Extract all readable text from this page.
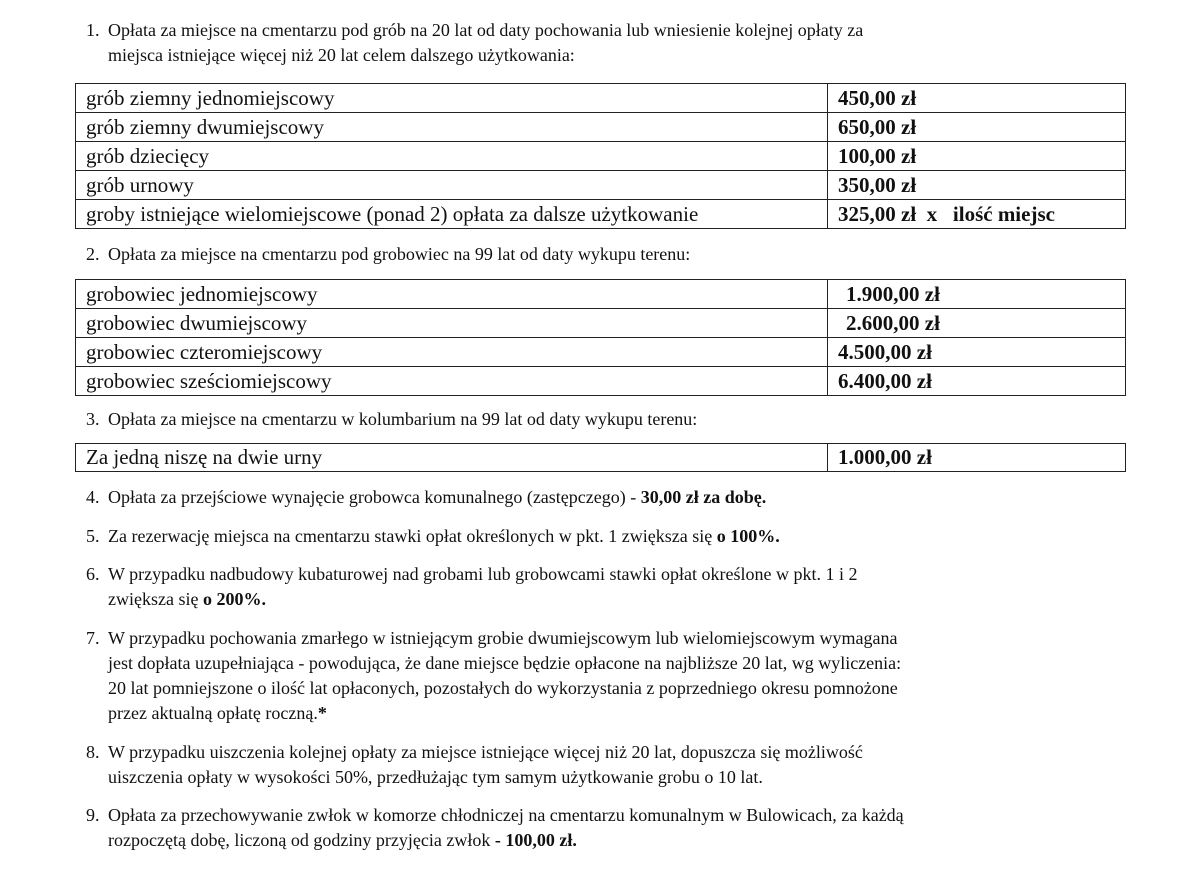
1. Opłata za miejsce na cmentarzu pod grób na 20 lat od daty pochowania lub wniesienie kolejnej opłaty za
miejsca istniejące więcej niż 20 lat celem dalszego użytkowania:
grób ziemny jednomiejscowy	450,00 zł
grób ziemny dwumiejscowy	650,00 zł
grób dziecięcy	100,00 zł
grób urnowy	350,00 zł
groby istniejące wielomiejscowe (ponad 2) opłata za dalsze użytkowanie	325,00 zł  x   ilość miejsc
2. Opłata za miejsce na cmentarzu pod grobowiec na 99 lat od daty wykupu terenu:
grobowiec jednomiejscowy	1.900,00 zł
grobowiec dwumiejscowy	2.600,00 zł
grobowiec czteromiejscowy	4.500,00 zł
grobowiec sześciomiejscowy	6.400,00 zł
3. Opłata za miejsce na cmentarzu w kolumbarium na 99 lat od daty wykupu terenu:
Za jedną niszę na dwie urny	1.000,00 zł
4. Opłata za przejściowe wynajęcie grobowca komunalnego (zastępczego) - 30,00 zł za dobę.
5. Za rezerwację miejsca na cmentarzu stawki opłat określonych w pkt. 1 zwiększa się o 100%.
6. W przypadku nadbudowy kubaturowej nad grobami lub grobowcami stawki opłat określone w pkt. 1 i 2
zwiększa się o 200%.
7. W przypadku pochowania zmarłego w istniejącym grobie dwumiejscowym lub wielomiejscowym wymagana
jest dopłata uzupełniająca - powodująca, że dane miejsce będzie opłacone na najbliższe 20 lat, wg wyliczenia:
20 lat pomniejszone o ilość lat opłaconych, pozostałych do wykorzystania z poprzedniego okresu pomnożone
przez aktualną opłatę roczną.*
8. W przypadku uiszczenia kolejnej opłaty za miejsce istniejące więcej niż 20 lat, dopuszcza się możliwość
uiszczenia opłaty w wysokości 50%, przedłużając tym samym użytkowanie grobu o 10 lat.
9. Opłata za przechowywanie zwłok w komorze chłodniczej na cmentarzu komunalnym w Bulowicach, za każdą
rozpoczętą dobę, liczoną od godziny przyjęcia zwłok - 100,00 zł.
